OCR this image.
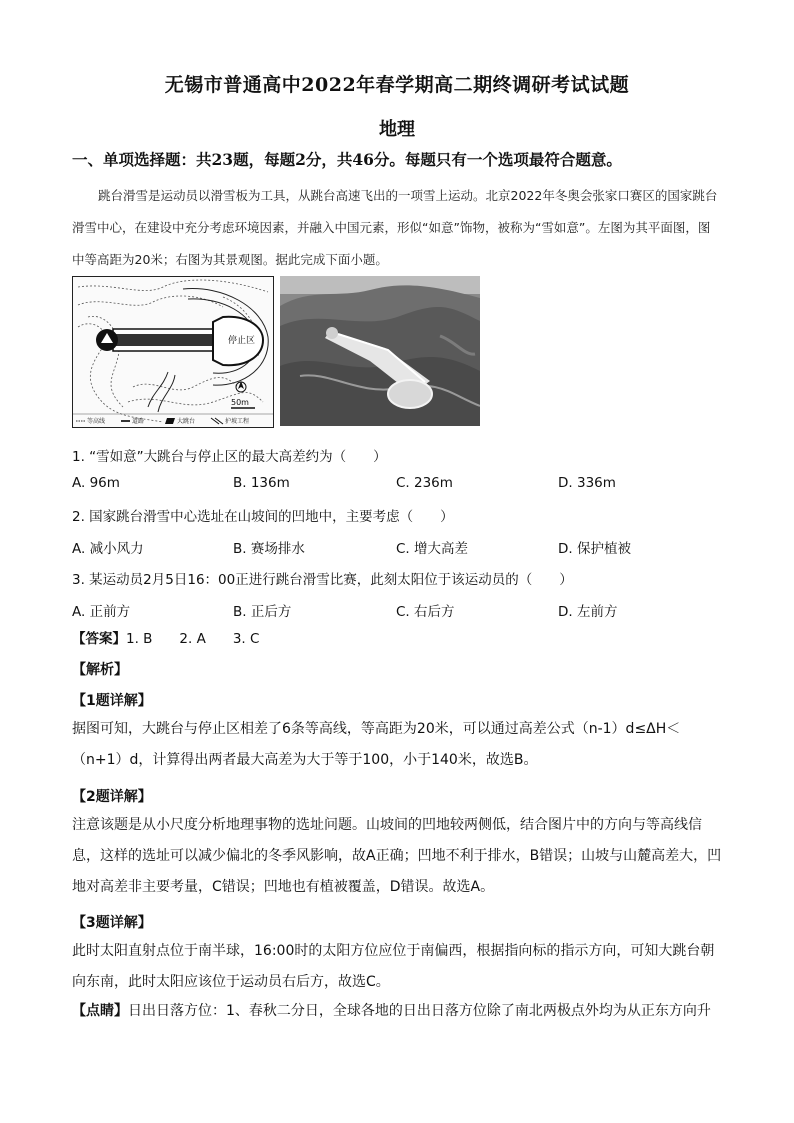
无锡市普通高中2022年春学期高二期终调研考试试题
地理
一、单项选择题：共23题，每题2分，共46分。每题只有一个选项最符合题意。
跳台滑雪是运动员以滑雪板为工具，从跳台高速飞出的一项雪上运动。北京2022年冬奥会张家口赛区的国家跳台滑雪中心，在建设中充分考虑环境因素，并融入中国元素，形似“如意”饰物，被称为“雪如意”。左图为其平面图，图中等高距为20米；右图为其景观图。据此完成下面小题。
停止区
50m
等高线	道路	大跳台	护坡工程
1. “雪如意”大跳台与停止区的最大高差约为（　　）
A. 96m	B. 136m	C. 236m	D. 336m
2. 国家跳台滑雪中心选址在山坡间的凹地中，主要考虑（　　）
A. 减小风力	B. 赛场排水	C. 增大高差	D. 保护植被
3. 某运动员2月5日16：00正进行跳台滑雪比赛，此刻太阳位于该运动员的（　　）
A. 正前方	B. 正后方	C. 右后方	D. 左前方
【答案】1. B　　2. A　　3. C
【解析】
【1题详解】
据图可知，大跳台与停止区相差了6条等高线，等高距为20米，可以通过高差公式（n-1）d≤ΔH＜（n+1）d，计算得出两者最大高差为大于等于100，小于140米，故选B。
【2题详解】
注意该题是从小尺度分析地理事物的选址问题。山坡间的凹地较两侧低，结合图片中的方向与等高线信息，这样的选址可以减少偏北的冬季风影响，故A正确；凹地不利于排水，B错误；山坡与山麓高差大，凹地对高差非主要考量，C错误；凹地也有植被覆盖，D错误。故选A。
【3题详解】
此时太阳直射点位于南半球，16:00时的太阳方位应位于南偏西，根据指向标的指示方向，可知大跳台朝向东南，此时太阳应该位于运动员右后方，故选C。
【点睛】日出日落方位：1、春秋二分日，全球各地的日出日落方位除了南北两极点外均为从正东方向升
